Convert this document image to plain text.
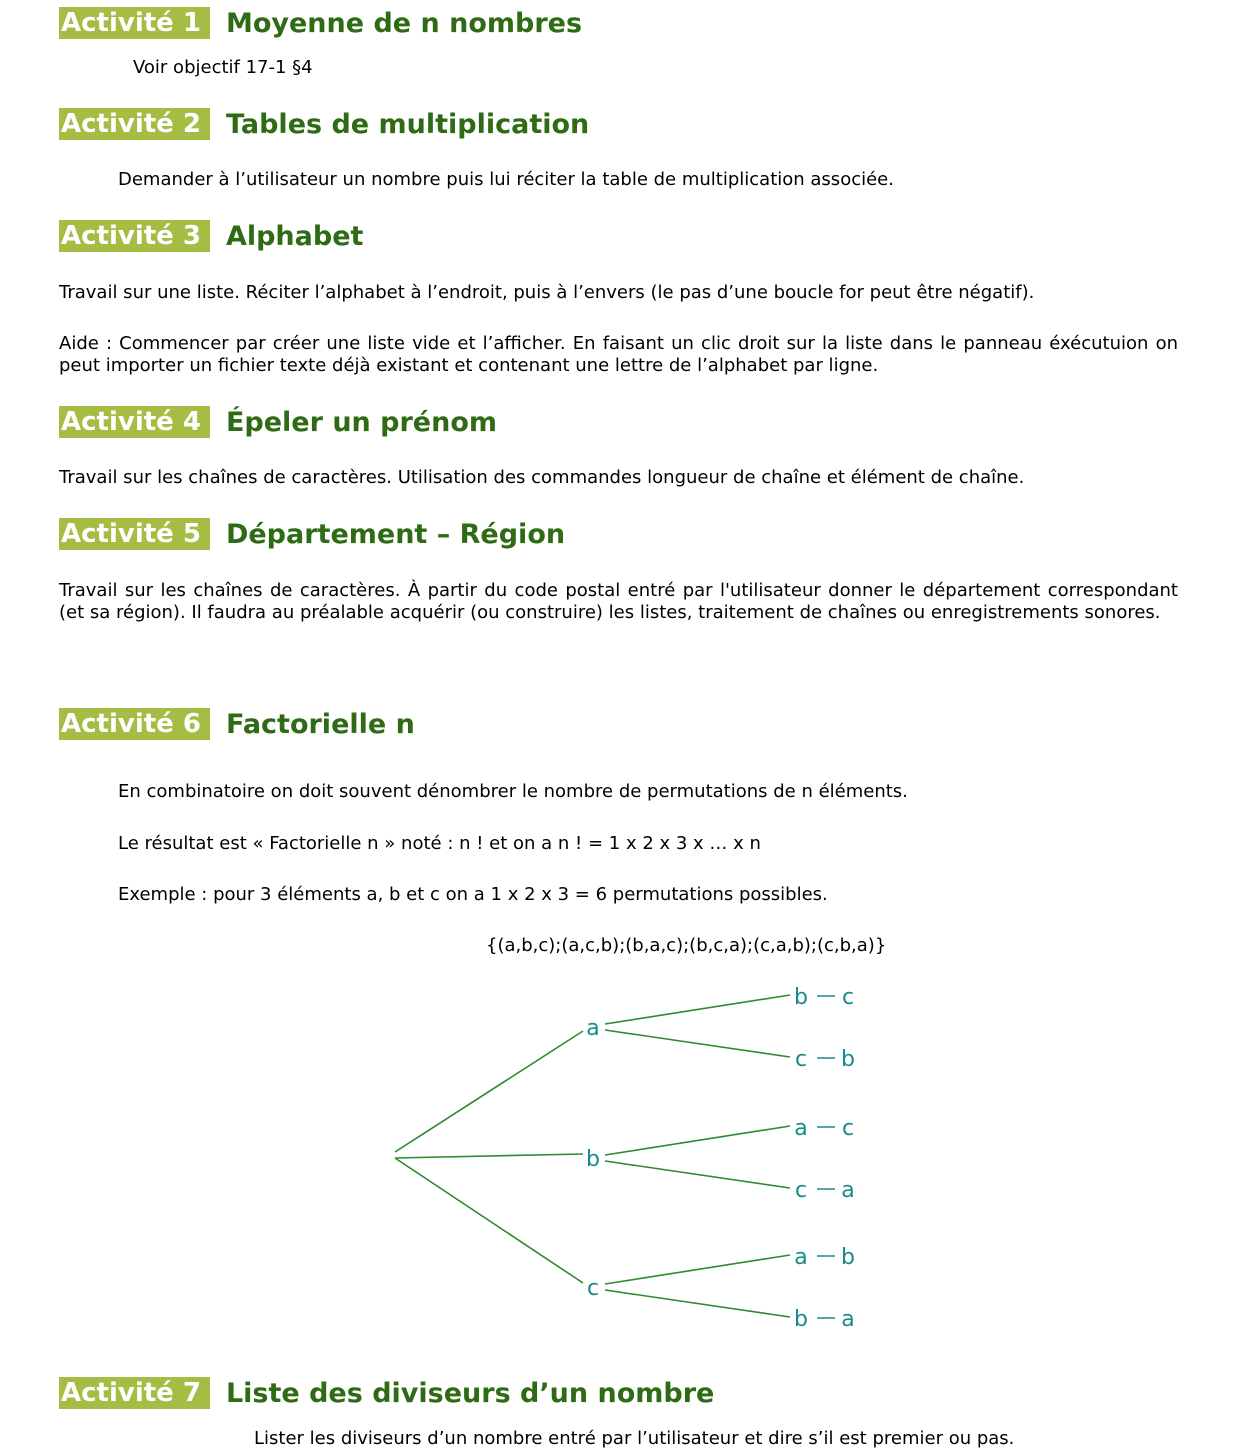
Activité 1 Moyenne de n nombres
Voir objectif 17-1 §4
Activité 2 Tables de multiplication
Demander à l’utilisateur un nombre puis lui réciter la table de multiplication associée.
Activité 3 Alphabet
Travail sur une liste. Réciter l’alphabet à l’endroit, puis à l’envers (le pas d’une boucle for peut être négatif).
Aide : Commencer par créer une liste vide et l’afficher. En faisant un clic droit sur la liste dans le panneau éxécutuion on peut importer un fichier texte déjà existant et contenant une lettre de l’alphabet par ligne.
Activité 4 Épeler un prénom
Travail sur les chaînes de caractères. Utilisation des commandes longueur de chaîne et élément de chaîne.
Activité 5 Département – Région
Travail sur les chaînes de caractères. À partir du code postal entré par l'utilisateur donner le département correspondant (et sa région). Il faudra au préalable acquérir (ou construire) les listes, traitement de chaînes ou enregistrements sonores.
Activité 6 Factorielle n
En combinatoire on doit souvent dénombrer le nombre de permutations de n éléments.
Le résultat est « Factorielle n » noté : n ! et on a n ! = 1 x 2 x 3 x … x n
Exemple : pour 3 éléments a, b et c on a 1 x 2 x 3 = 6 permutations possibles.
{(a,b,c);(a,c,b);(b,a,c);(b,c,a);(c,a,b);(c,b,a)}
a
b c
c b
b
a c
c a
c
a b
b a
Activité 7 Liste des diviseurs d’un nombre
Lister les diviseurs d’un nombre entré par l’utilisateur et dire s’il est premier ou pas.
